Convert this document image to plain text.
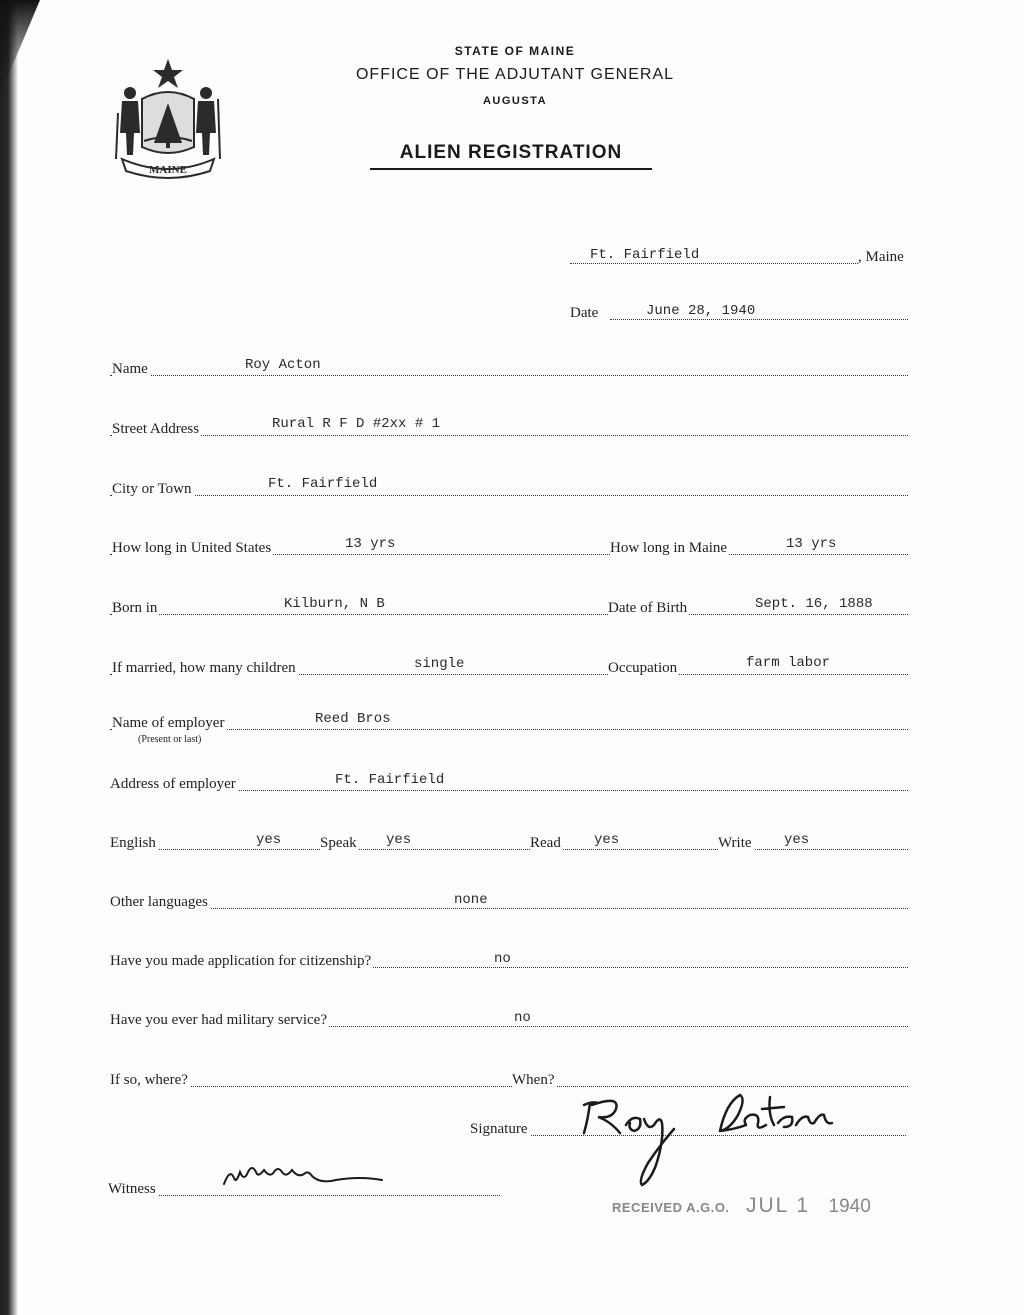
MAINE
STATE OF MAINE
OFFICE OF THE ADJUTANT GENERAL
AUGUSTA
ALIEN REGISTRATION
Ft. Fairfield	, Maine
Date	June 28, 1940
Name	Roy Acton
Street Address	Rural R F D #2xx # 1
City or Town	Ft. Fairfield
How long in United States	13 yrs	How long in Maine	13 yrs
Born in	Kilburn, N B	Date of Birth	Sept. 16, 1888
If married, how many children	single	Occupation	farm labor
Name of employer	Reed Bros
(Present or last)
Address of employer	Ft. Fairfield
English	yes	Speak yes	Read yes	Write yes
Other languages	none
Have you made application for citizenship?	no
Have you ever had military service?	no
If so, where?	When?
Signature
Witness
RECEIVED A.G.O. JUL 1 1940
